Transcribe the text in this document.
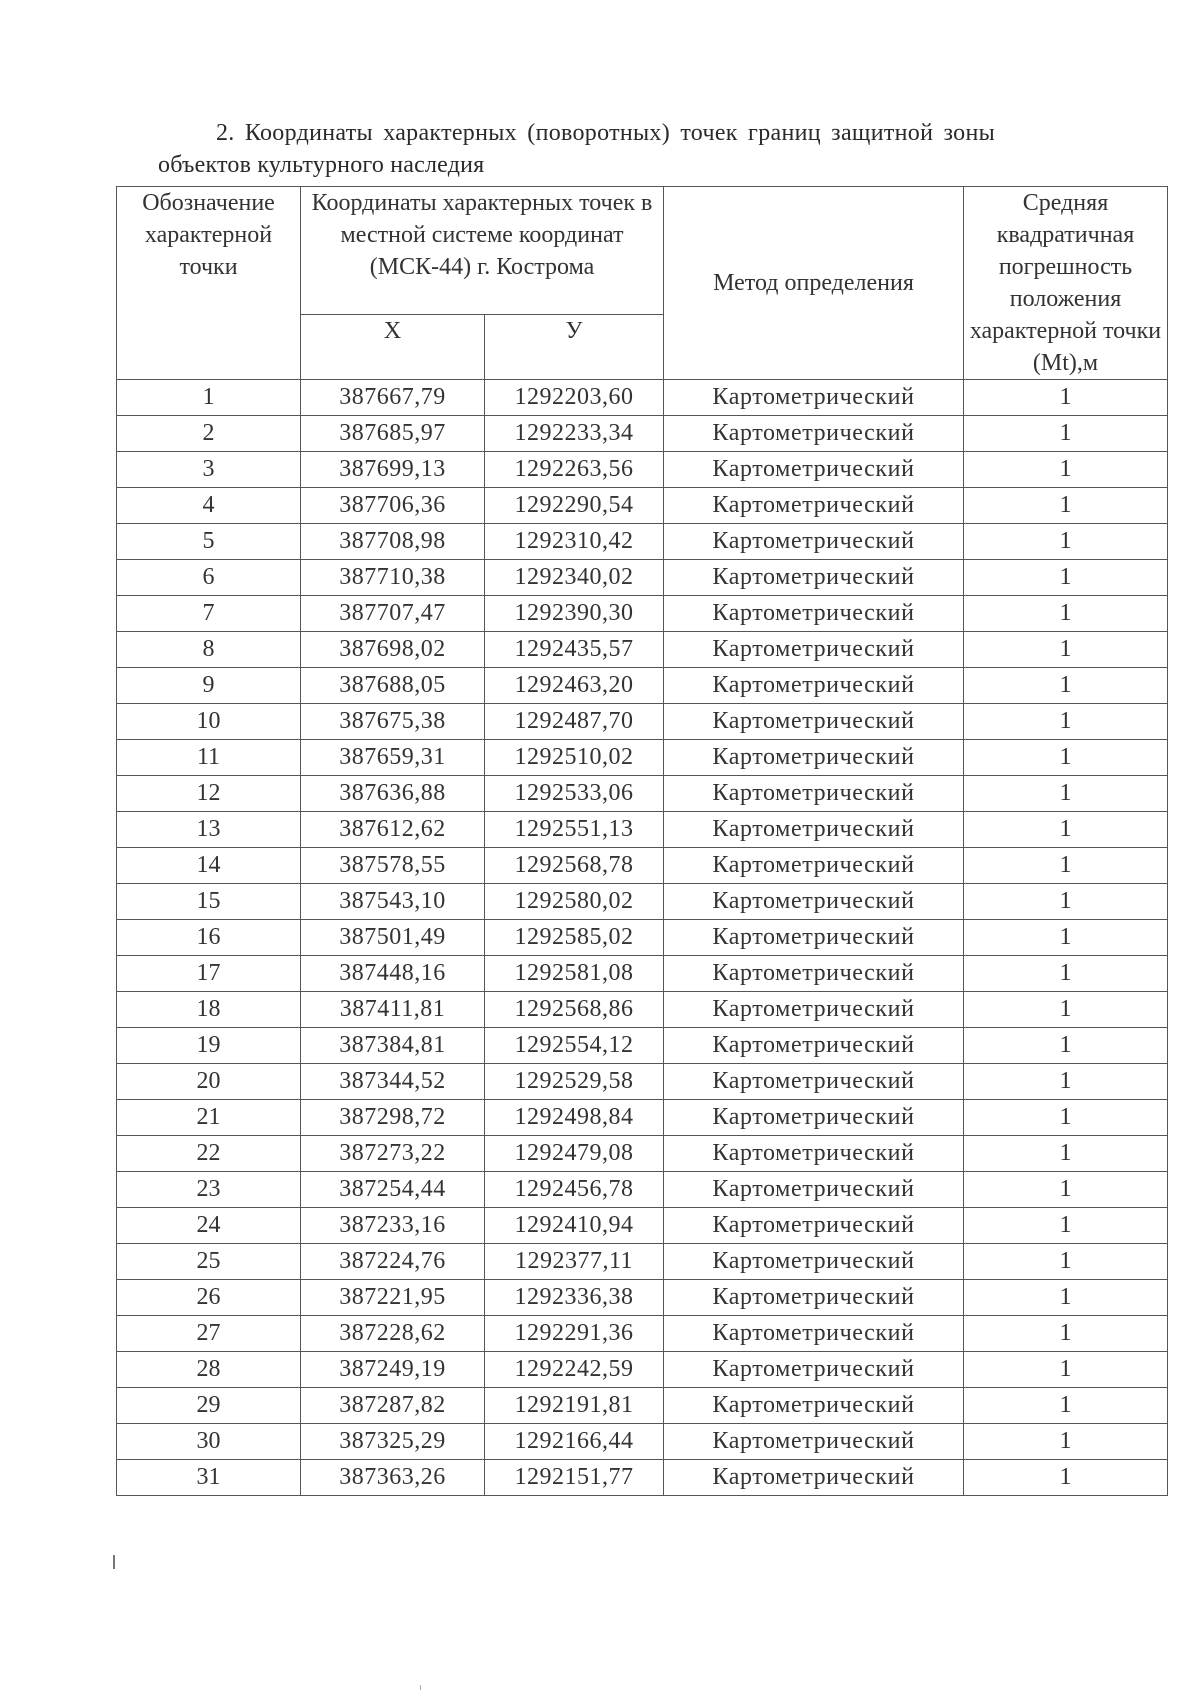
2. Координаты характерных (поворотных) точек границ защитной зоны
объектов культурного наследия
Обозначение характерной точки	Координаты характерных точек в местной системе координат (МСК-44) г. Кострома		Метод определения	Средняя квадратичная погрешность положения характерной точки (Mt),м
	Х	У		
1	387667,79	1292203,60	Картометрический	1
2	387685,97	1292233,34	Картометрический	1
3	387699,13	1292263,56	Картометрический	1
4	387706,36	1292290,54	Картометрический	1
5	387708,98	1292310,42	Картометрический	1
6	387710,38	1292340,02	Картометрический	1
7	387707,47	1292390,30	Картометрический	1
8	387698,02	1292435,57	Картометрический	1
9	387688,05	1292463,20	Картометрический	1
10	387675,38	1292487,70	Картометрический	1
11	387659,31	1292510,02	Картометрический	1
12	387636,88	1292533,06	Картометрический	1
13	387612,62	1292551,13	Картометрический	1
14	387578,55	1292568,78	Картометрический	1
15	387543,10	1292580,02	Картометрический	1
16	387501,49	1292585,02	Картометрический	1
17	387448,16	1292581,08	Картометрический	1
18	387411,81	1292568,86	Картометрический	1
19	387384,81	1292554,12	Картометрический	1
20	387344,52	1292529,58	Картометрический	1
21	387298,72	1292498,84	Картометрический	1
22	387273,22	1292479,08	Картометрический	1
23	387254,44	1292456,78	Картометрический	1
24	387233,16	1292410,94	Картометрический	1
25	387224,76	1292377,11	Картометрический	1
26	387221,95	1292336,38	Картометрический	1
27	387228,62	1292291,36	Картометрический	1
28	387249,19	1292242,59	Картометрический	1
29	387287,82	1292191,81	Картометрический	1
30	387325,29	1292166,44	Картометрический	1
31	387363,26	1292151,77	Картометрический	1
